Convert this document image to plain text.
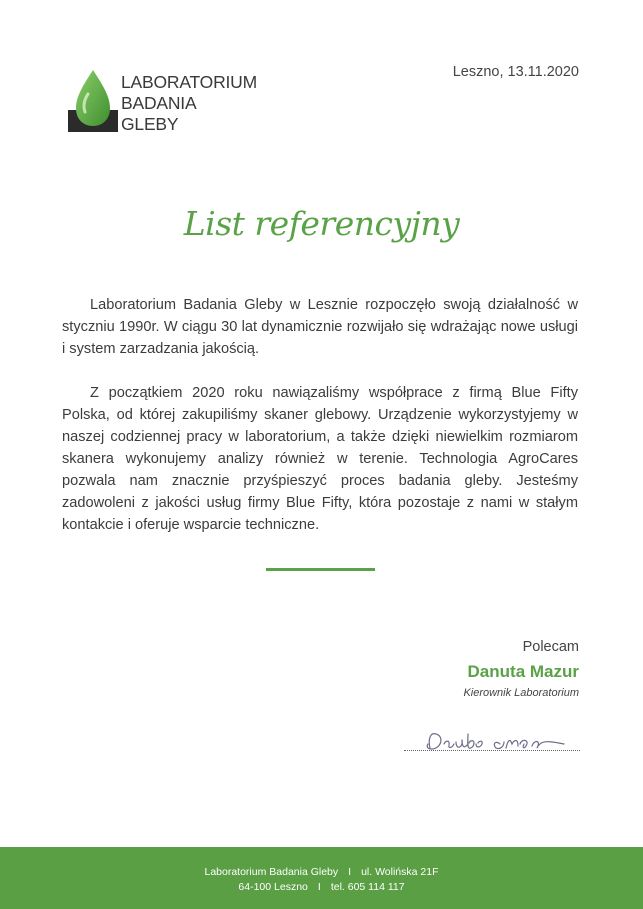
LABORATORIUM
BADANIA
GLEBY
Leszno, 13.11.2020
List referencyjny

Laboratorium Badania Gleby w Lesznie rozpoczęło swoją działalność w styczniu 1990r. W ciągu 30 lat dynamicznie rozwijało się wdrażając nowe usługi i system zarzadzania jakością.

Z początkiem 2020 roku nawiązaliśmy współprace z firmą Blue Fifty Polska, od której zakupiliśmy skaner glebowy. Urządzenie wykorzystyjemy w naszej codziennej pracy w laboratorium, a także dzięki niewielkim rozmiarom skanera wykonujemy analizy również w terenie. Technologia AgroCares pozwala nam znacznie przyśpieszyć proces badania gleby. Jesteśmy zadowoleni z jakości usług firmy Blue Fifty, która pozostaje z nami w stałym kontakcie i oferuje wsparcie techniczne.

Polecam
Danuta Mazur
Kierownik Laboratorium
Laboratorium Badania Gleby I ul. Wolińska 21F
64-100 Leszno I tel. 605 114 117
